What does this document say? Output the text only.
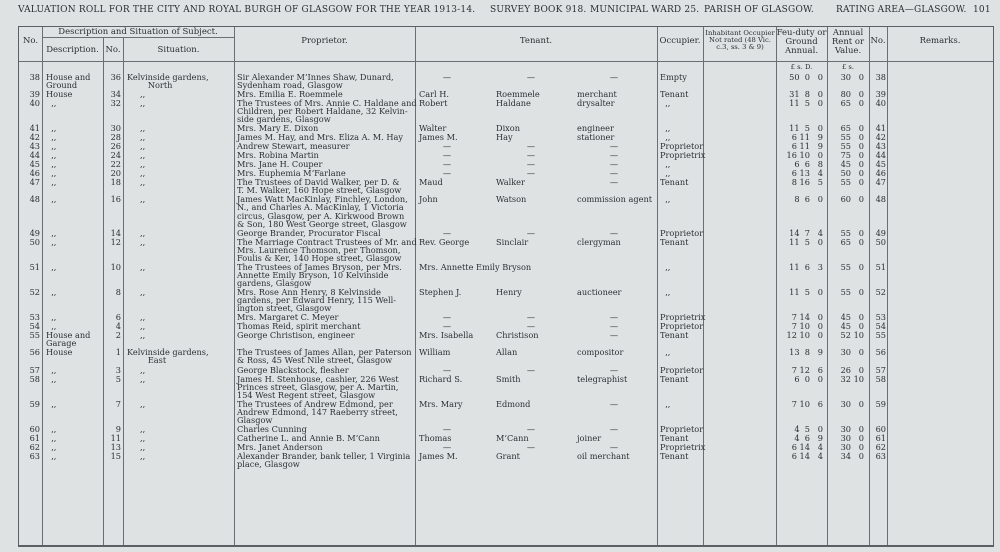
VALUATION ROLL FOR THE CITY AND ROYAL BURGH OF GLASGOW FOR THE YEAR 1913-14. SURVEY BOOK 918. MUNICIPAL WARD 25. PARISH OF GLASGOW. RATING AREA—GLASGOW. 101
No.
Description and Situation of Subject.
Description. No.	Situation.
Proprietor.	Tenant.	Occupier.
Inhabitant Occupier Not rated (48 Vic. c.3, ss. 3 & 9)
Feu-duty or Ground Annual.
Annual Rent or Value.
No.	Remarks.
£ s. D.	£ s.
38 House and
Ground
36 Kelvinside gardens,
North
Sir Alexander M‘Innes Shaw, Dunard,
Sydenham road, Glasgow
—	—	—	Empty	50  0   0	30   0	38
39 House	34 ,,	Mrs. Emilia E. Roemmele	Carl H.	Roemmele	merchant	Tenant	31  8   0	80   0	39
40 ,,	32 ,,	The Trustees of Mrs. Annie C. Haldane and
Children, per Robert Haldane, 32 Kelvin-
side gardens, Glasgow
Robert	Haldane	drysalter	,,	11  5   0	65   0	40
41 ,,	30 ,,	Mrs. Mary E. Dixon	Walter	Dixon	engineer	,,	11  5   0	65   0	41
42 ,,	28 ,,	James M. Hay, and Mrs. Eliza A. M. Hay	James M.	Hay	stationer	,,	6 11   9	55   0	42
43 ,,	26 ,,	Andrew Stewart, measurer	—	—	—	Proprietor	6 11   9	55   0	43
44 ,,	24 ,,	Mrs. Robina Martin	—	—	—	Proprietrix	16 10   0	75   0	44
45 ,,	22 ,,	Mrs. Jane H. Couper	—	—	—	,,	6  6   8	45   0	45
46 ,,	20 ,,	Mrs. Euphemia M‘Farlane	—	—	—	,,	6 13   4	50   0	46
47 ,,	18 ,,	The Trustees of David Walker, per D. &
T. M. Walker, 160 Hope street, Glasgow
Maud	Walker	—	Tenant	8 16   5	55   0	47
48 ,,	16 ,,	James Watt MacKinlay, Finchley, London,
N., and Charles A. MacKinlay, 1 Victoria
circus, Glasgow, per A. Kirkwood Brown
& Son, 180 West George street, Glasgow
John	Watson	commission agent ,,	8  6   0	60   0	48
49 ,,	14 ,,	George Brander, Procurator Fiscal	—	—	—	Proprietor	14  7   4	55   0	49
50 ,,	12 ,,	The Marriage Contract Trustees of Mr. and
Mrs. Laurence Thomson, per Thomson,
Foulis & Ker, 140 Hope street, Glasgow
Rev. George	Sinclair	clergyman	Tenant	11  5   0	65   0	50
51 ,,	10 ,,	The Trustees of James Bryson, per Mrs.
Annette Emily Bryson, 10 Kelvinside
gardens, Glasgow
Mrs. Annette Emily Bryson	,,	11  6   3	55   0	51
52 ,,	8 ,,	Mrs. Rose Ann Henry, 8 Kelvinside
gardens, per Edward Henry, 115 Well-
ington street, Glasgow
Stephen J.	Henry	auctioneer	,,	11  5   0	55   0	52
53 ,,	6 ,,	Mrs. Margaret C. Meyer	—	—	—	Proprietrix	7 14   0	45   0	53
54 ,,	4 ,,	Thomas Reid, spirit merchant	—	—	—	Proprietor	7 10   0	45   0	54
55 House and
Garage
2 ,,	George Christison, engineer	Mrs. Isabella	Christison	—	Tenant	12 10   0	52 10	55
56 House	1 Kelvinside gardens,
East
The Trustees of James Allan, per Paterson
& Ross, 45 West Nile street, Glasgow
William	Allan	compositor	,,	13  8   9	30   0	56
57 ,,	3 ,,	George Blackstock, flesher	—	—	—	Proprietor	7 12   6	26   0	57
58 ,,	5 ,,	James H. Stenhouse, cashier, 226 West
Princes street, Glasgow, per A. Martin,
154 West Regent street, Glasgow
Richard S.	Smith	telegraphist	Tenant	6  0   0	32 10	58
59 ,,	7 ,,	The Trustees of Andrew Edmond, per
Andrew Edmond, 147 Raeberry street,
Glasgow
Mrs. Mary	Edmond	—	,,	7 10   6	30   0	59
60 ,,	9 ,,	Charles Cunning	—	—	—	Proprietor	4  5   0	30   0	60
61 ,,	11 ,,	Catherine L. and Annie B. M‘Cann	Thomas	M‘Cann	joiner	Tenant	4  6   9	30   0	61
62 ,,	13 ,,	Mrs. Janet Anderson	—	—	—	Proprietrix	6 14   4	30   0	62
63 ,,	15 ,,	Alexander Brander, bank teller, 1 Virginia
place, Glasgow
James M.	Grant	oil merchant	Tenant	6 14   4	34   0	63
